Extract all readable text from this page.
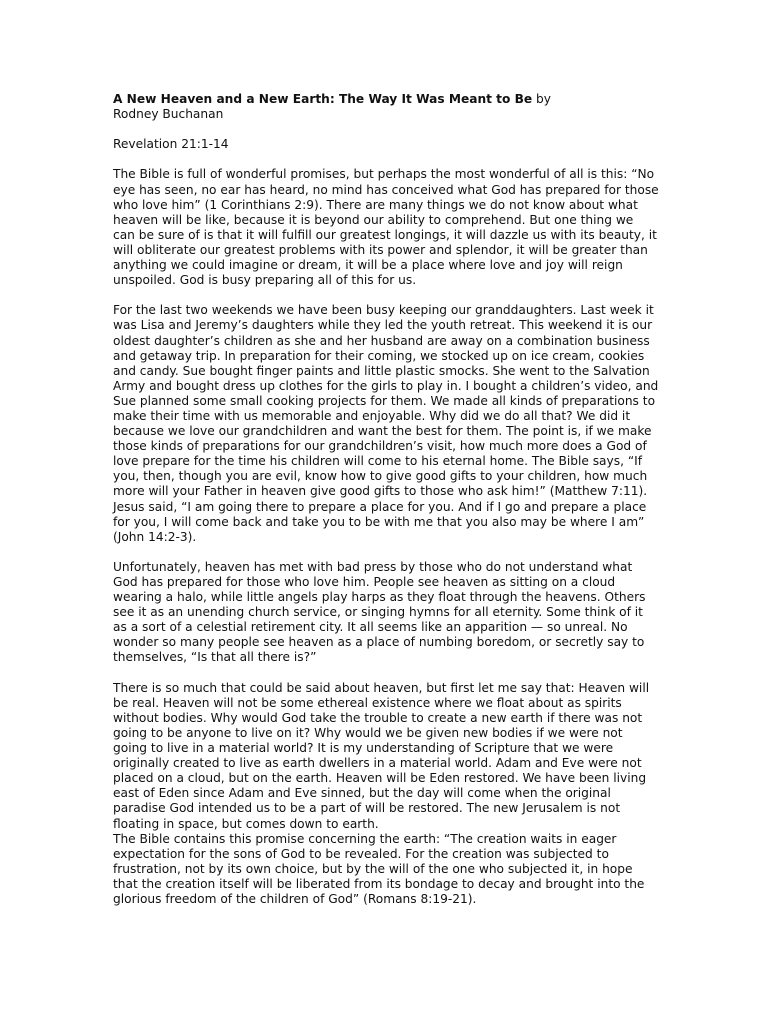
A New Heaven and a New Earth: The Way It Was Meant to Be by
Rodney Buchanan

Revelation 21:1-14

The Bible is full of wonderful promises, but perhaps the most wonderful of all is this: “No eye has seen, no ear has heard, no mind has conceived what God has prepared for those who love him” (1 Corinthians 2:9). There are many things we do not know about what heaven will be like, because it is beyond our ability to comprehend. But one thing we can be sure of is that it will fulfill our greatest longings, it will dazzle us with its beauty, it will obliterate our greatest problems with its power and splendor, it will be greater than anything we could imagine or dream, it will be a place where love and joy will reign unspoiled. God is busy preparing all of this for us.

For the last two weekends we have been busy keeping our granddaughters. Last week it was Lisa and Jeremy’s daughters while they led the youth retreat. This weekend it is our oldest daughter’s children as she and her husband are away on a combination business and getaway trip. In preparation for their coming, we stocked up on ice cream, cookies and candy. Sue bought finger paints and little plastic smocks. She went to the Salvation Army and bought dress up clothes for the girls to play in. I bought a children’s video, and Sue planned some small cooking projects for them. We made all kinds of preparations to make their time with us memorable and enjoyable. Why did we do all that? We did it because we love our grandchildren and want the best for them. The point is, if we make those kinds of preparations for our grandchildren’s visit, how much more does a God of love prepare for the time his children will come to his eternal home. The Bible says, “If you, then, though you are evil, know how to give good gifts to your children, how much more will your Father in heaven give good gifts to those who ask him!” (Matthew 7:11). Jesus said, “I am going there to prepare a place for you. And if I go and prepare a place for you, I will come back and take you to be with me that you also may be where I am” (John 14:2-3).

Unfortunately, heaven has met with bad press by those who do not understand what God has prepared for those who love him. People see heaven as sitting on a cloud wearing a halo, while little angels play harps as they float through the heavens. Others see it as an unending church service, or singing hymns for all eternity. Some think of it as a sort of a celestial retirement city. It all seems like an apparition — so unreal. No wonder so many people see heaven as a place of numbing boredom, or secretly say to themselves, “Is that all there is?”

There is so much that could be said about heaven, but first let me say that: Heaven will be real. Heaven will not be some ethereal existence where we float about as spirits without bodies. Why would God take the trouble to create a new earth if there was not going to be anyone to live on it? Why would we be given new bodies if we were not going to live in a material world? It is my understanding of Scripture that we were originally created to live as earth dwellers in a material world. Adam and Eve were not placed on a cloud, but on the earth. Heaven will be Eden restored. We have been living east of Eden since Adam and Eve sinned, but the day will come when the original paradise God intended us to be a part of will be restored. The new Jerusalem is not floating in space, but comes down to earth.

The Bible contains this promise concerning the earth: “The creation waits in eager expectation for the sons of God to be revealed. For the creation was subjected to frustration, not by its own choice, but by the will of the one who subjected it, in hope that the creation itself will be liberated from its bondage to decay and brought into the glorious freedom of the children of God” (Romans 8:19-21).
